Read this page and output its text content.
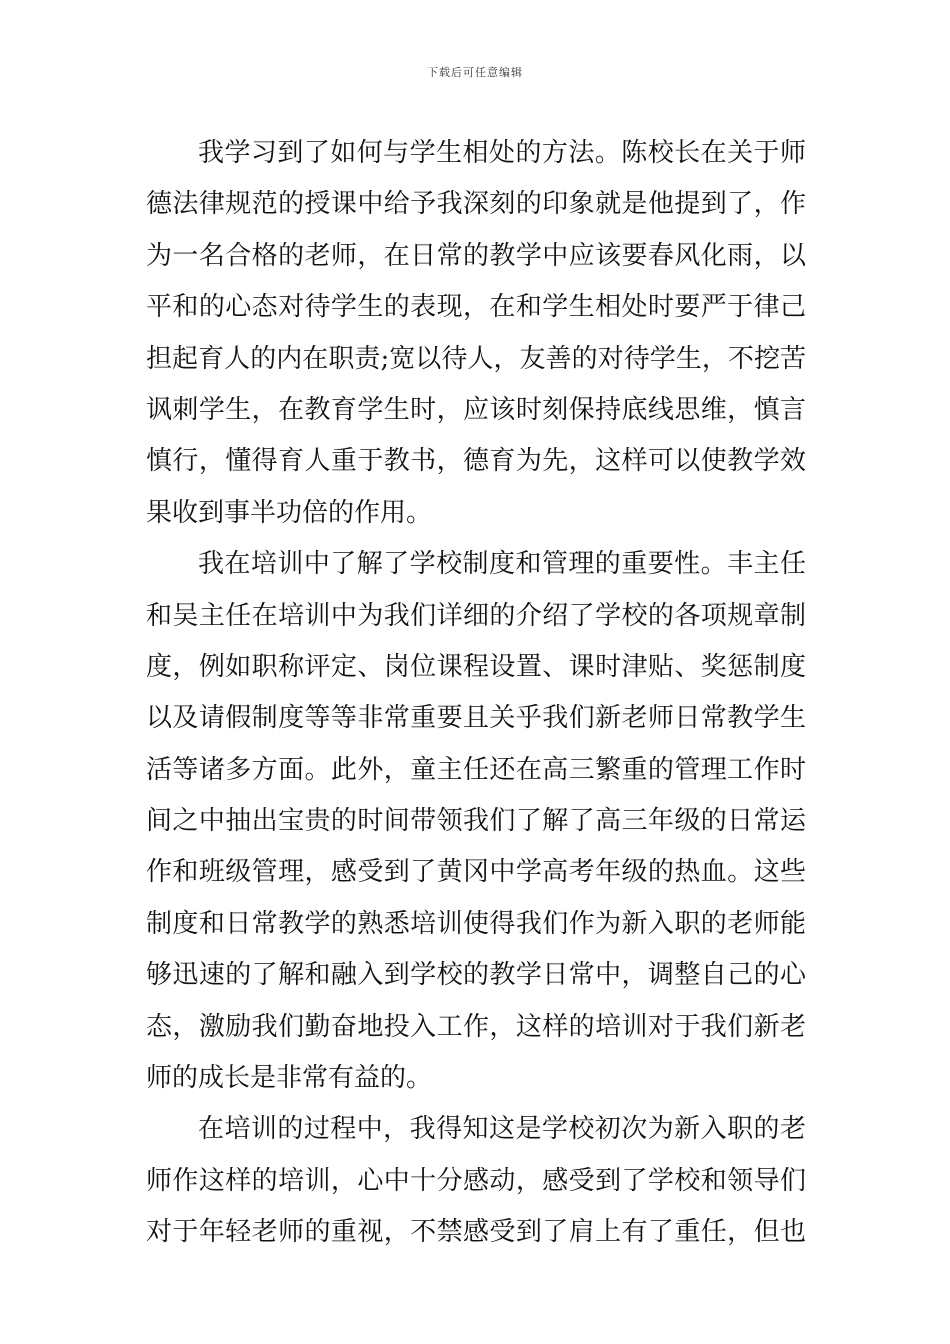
下载后可任意编辑
我学习到了如何与学生相处的方法。陈校长在关于师
德法律规范的授课中给予我深刻的印象就是他提到了，作
为一名合格的老师，在日常的教学中应该要春风化雨，以
平和的心态对待学生的表现，在和学生相处时要严于律己
担起育人的内在职责;宽以待人，友善的对待学生，不挖苦
讽刺学生，在教育学生时，应该时刻保持底线思维，慎言
慎行，懂得育人重于教书，德育为先，这样可以使教学效
果收到事半功倍的作用。
我在培训中了解了学校制度和管理的重要性。丰主任
和吴主任在培训中为我们详细的介绍了学校的各项规章制
度，例如职称评定、岗位课程设置、课时津贴、奖惩制度
以及请假制度等等非常重要且关乎我们新老师日常教学生
活等诸多方面。此外，童主任还在高三繁重的管理工作时
间之中抽出宝贵的时间带领我们了解了高三年级的日常运
作和班级管理，感受到了黄冈中学高考年级的热血。这些
制度和日常教学的熟悉培训使得我们作为新入职的老师能
够迅速的了解和融入到学校的教学日常中，调整自己的心
态，激励我们勤奋地投入工作，这样的培训对于我们新老
师的成长是非常有益的。
在培训的过程中，我得知这是学校初次为新入职的老
师作这样的培训，心中十分感动，感受到了学校和领导们
对于年轻老师的重视，不禁感受到了肩上有了重任，但也
